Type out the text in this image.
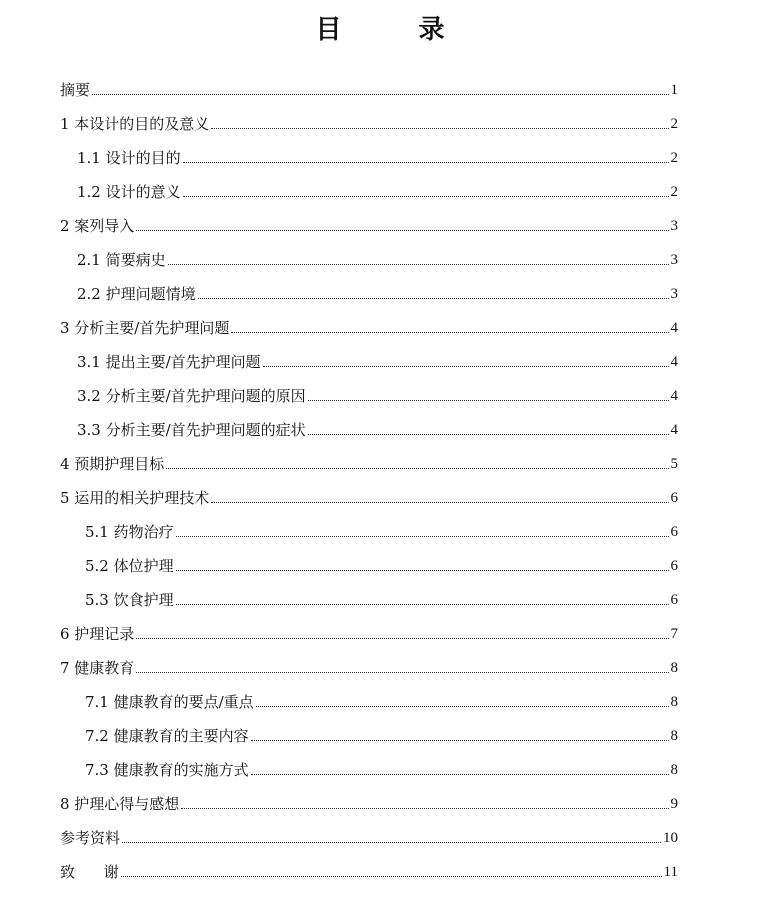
目 录
摘要	1
1 本设计的目的及意义	2
1.1 设计的目的	2
1.2 设计的意义	2
2 案列导入	3
2.1 简要病史	3
2.2 护理问题情境	3
3 分析主要/首先护理问题	4
3.1 提出主要/首先护理问题	4
3.2 分析主要/首先护理问题的原因	4
3.3 分析主要/首先护理问题的症状	4
4 预期护理目标	5
5 运用的相关护理技术	6
5.1 药物治疗	6
5.2 体位护理	6
5.3 饮食护理	6
6 护理记录	7
7 健康教育	8
7.1 健康教育的要点/重点	8
7.2 健康教育的主要内容	8
7.3 健康教育的实施方式	8
8 护理心得与感想	9
参考资料	10
致      谢	11
